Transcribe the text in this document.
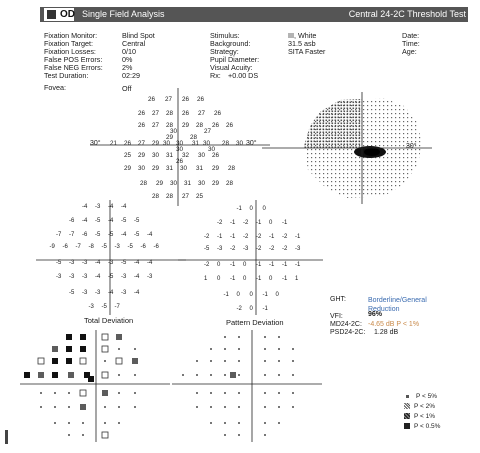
OD Single Field Analysis	Central 24-2C Threshold Test
Fixation Monitor:	Blind Spot
Fixation Target:	Central
Fixation Losses:	0/10
False POS Errors:	0%
False NEG Errors:	2%
Test Duration:	02:29
Fovea:	Off
Stimulus:	III, White
Background:	31.5 asb
Strategy:	SITA Faster
Pupil Diameter:
Visual Acuity:
Rx: +0.00 DS
Date:
Time:
Age:
30°	30°
26 27 26 26
26 27 28 26 27 26
26 27 28 29 28 26 26
21 26 27 29 30 30 31 30 28 30
25 29 30 31 32 30 26
29 30 29 31 30 31 29 28
28 29 30 31 30 29 28
28 28 27 25
30
29	28
30
26
27
30	30°
-4 -3 -4 -4
-6 -4 -5 -4 -5 -5
-7 -7 -6 -5 -5 -4 -5 -4
-9 -6 -7 -8 -5 -3 -5 -6 -6
-5 -3 -3 -4 -3 -5 -4 -4
-3 -3 -3 -4 -5 -3 -4 -3
-5 -3 -3 -4 -3 -4
-3 -5 -7
-1 0 0
-2 -1 -2 -1 0 -1
-2 -1 -1 -2 -2 -1 -2 -1
-5 -3 -2 -3 -2 -2 -2 -3
-2 0 -1 0 -1 -1 -1 -1
1 0 -1 0 -1 0 -1 1
-1 0 0 -1 0
-2 0 -1
Total Deviation	Pattern Deviation
GHT:	Borderline/General Reduction
VFI:	96%
MD24-2C: -4.65 dB P < 1%
PSD24-2C: 1.28 dB
P < 5%
P < 2%
P < 1%
P < 0.5%
